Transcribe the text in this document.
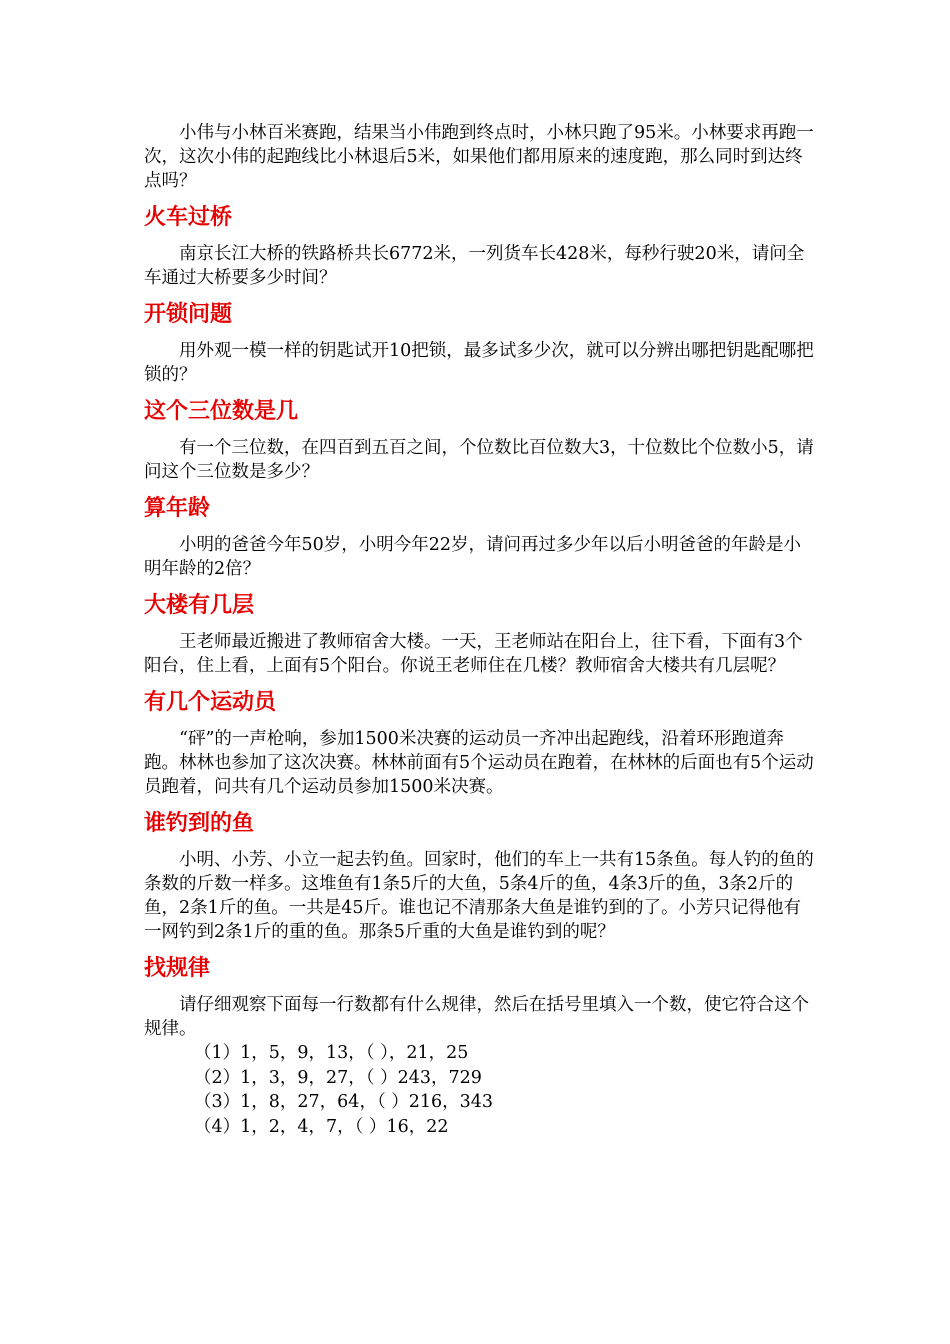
小伟与小林百米赛跑，结果当小伟跑到终点时，小林只跑了95米。小林要求再跑一次，这次小伟的起跑线比小林退后5米，如果他们都用原来的速度跑，那么同时到达终点吗？

火车过桥

南京长江大桥的铁路桥共长6772米，一列货车长428米，每秒行驶20米，请问全车通过大桥要多少时间？

开锁问题

用外观一模一样的钥匙试开10把锁，最多试多少次，就可以分辨出哪把钥匙配哪把锁的？

这个三位数是几

有一个三位数，在四百到五百之间，个位数比百位数大3，十位数比个位数小5，请问这个三位数是多少？

算年龄

小明的爸爸今年50岁，小明今年22岁，请问再过多少年以后小明爸爸的年龄是小明年龄的2倍？

大楼有几层

王老师最近搬进了教师宿舍大楼。一天，王老师站在阳台上，往下看，下面有3个阳台，住上看，上面有5个阳台。你说王老师住在几楼？教师宿舍大楼共有几层呢？

有几个运动员

“砰”的一声枪响，参加1500米决赛的运动员一齐冲出起跑线，沿着环形跑道奔跑。林林也参加了这次决赛。林林前面有5个运动员在跑着，在林林的后面也有5个运动员跑着，问共有几个运动员参加1500米决赛。

谁钓到的鱼

小明、小芳、小立一起去钓鱼。回家时，他们的车上一共有15条鱼。每人钓的鱼的条数的斤数一样多。这堆鱼有1条5斤的大鱼，5条4斤的鱼，4条3斤的鱼，3条2斤的鱼，2条1斤的鱼。一共是45斤。谁也记不清那条大鱼是谁钓到的了。小芳只记得他有一网钓到2条1斤的重的鱼。那条5斤重的大鱼是谁钓到的呢？

找规律

请仔细观察下面每一行数都有什么规律，然后在括号里填入一个数，使它符合这个规律。

（1）1，5，9，13，（ ），21，25
（2）1，3，9，27，（ ）243，729
（3）1，8，27，64，（ ）216，343
（4）1，2，4，7，（ ）16，22
